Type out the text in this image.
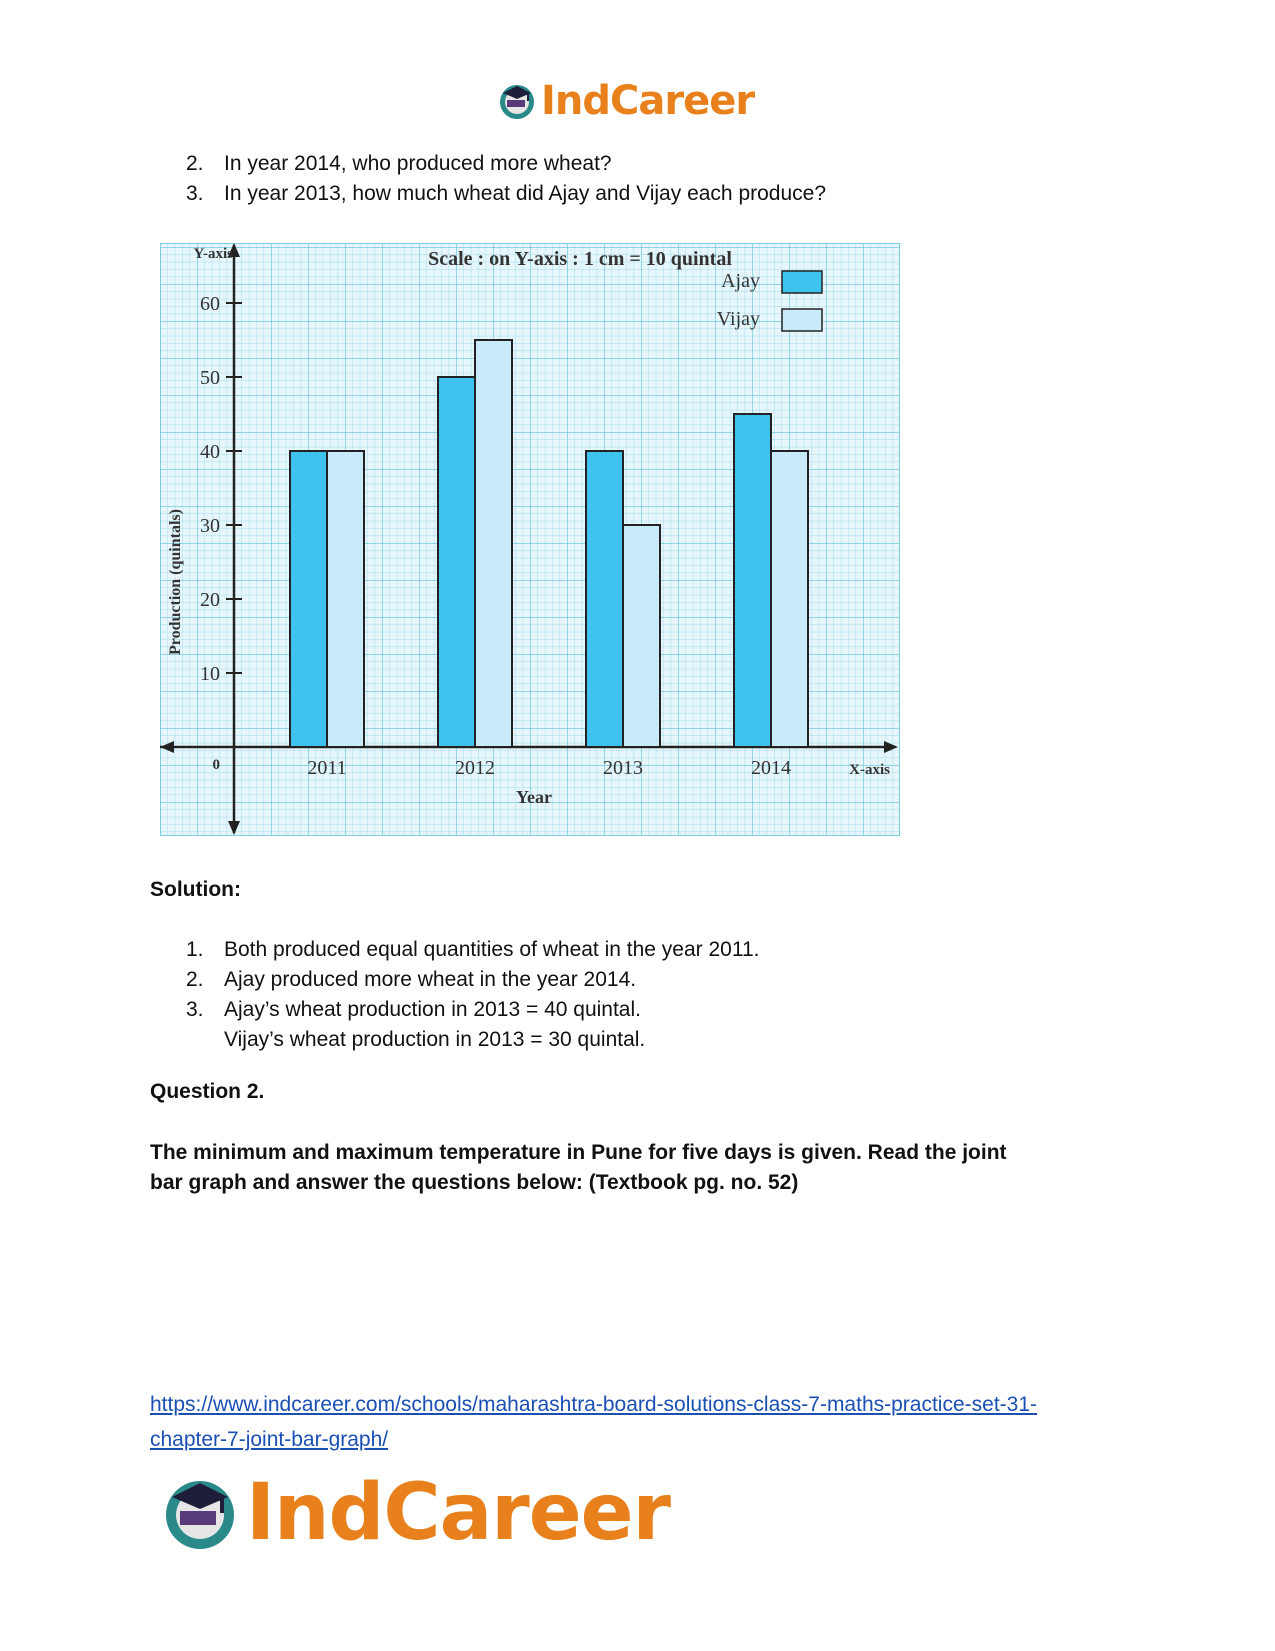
IndCareer
2. In year 2014, who produced more wheat?
3. In year 2013, how much wheat did Ajay and Vijay each produce?
10
20
30
40
50
60
0
Y-axis
X-axis
Production (quintals)
Year
Scale : on Y-axis : 1 cm = 10 quintal
2011	2012	2013	2014
Ajay
Vijay
Solution:
1. Both produced equal quantities of wheat in the year 2011.
2. Ajay produced more wheat in the year 2014.
3. Ajay’s wheat production in 2013 = 40 quintal.
Vijay’s wheat production in 2013 = 30 quintal.
Question 2.
The minimum and maximum temperature in Pune for five days is given. Read the joint
bar graph and answer the questions below: (Textbook pg. no. 52)
https://www.indcareer.com/schools/maharashtra-board-solutions-class-7-maths-practice-set-31-
chapter-7-joint-bar-graph/
IndCareer
